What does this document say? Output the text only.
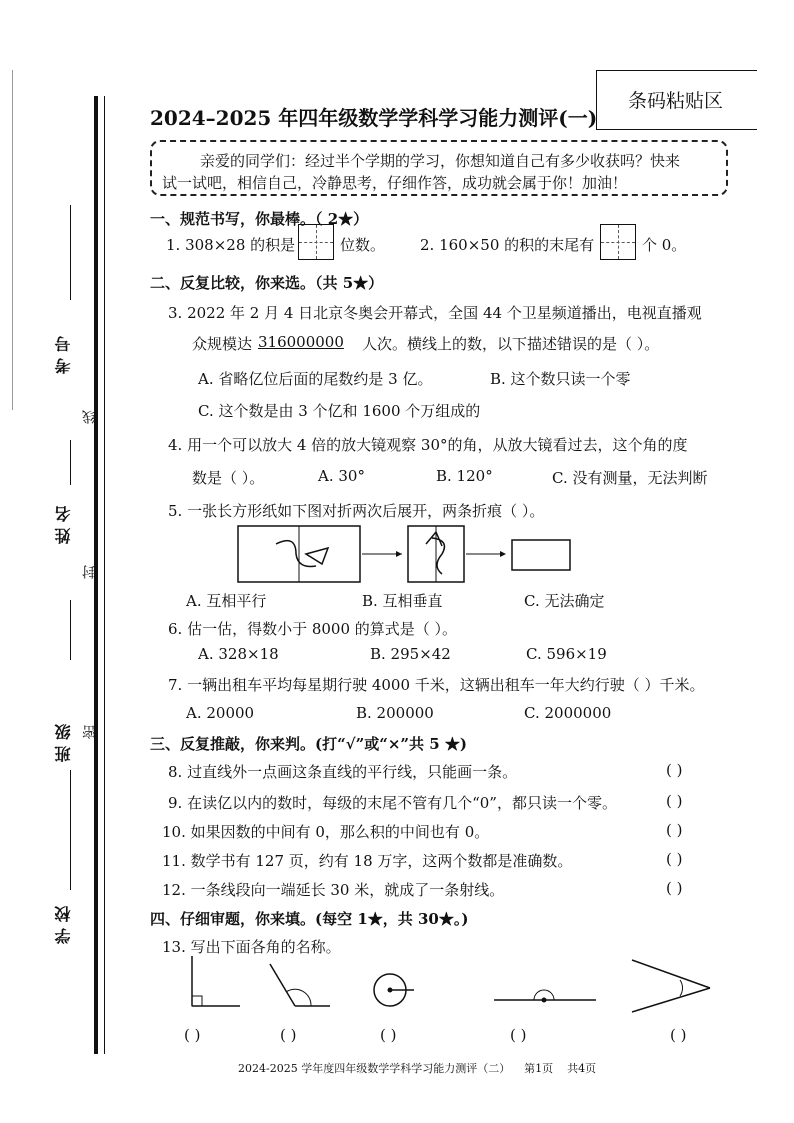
考号
线
姓名
封
班级 密
学校
2024–2025 年四年级数学学科学习能力测评(一)
条码粘贴区
亲爱的同学们：经过半个学期的学习，你想知道自己有多少收获吗？快来
试一试吧，相信自己，冷静思考，仔细作答，成功就会属于你！加油！
一、规范书写，你最棒。（ 2★）
1. 308×28 的积是	位数。 2. 160×50 的积的末尾有	个 0。
二、反复比较，你来选。（共 5★）
3. 2022 年 2 月 4 日北京冬奥会开幕式，全国 44 个卫星频道播出，电视直播观
众规模达 316000000 人次。横线上的数，以下描述错误的是（ ）。
A. 省略亿位后面的尾数约是 3 亿。	B. 这个数只读一个零
C. 这个数是由 3 个亿和 1600 个万组成的
4. 用一个可以放大 4 倍的放大镜观察 30°的角，从放大镜看过去，这个角的度
数是（ ）。	A. 30°	B. 120°	C. 没有测量，无法判断
5. 一张长方形纸如下图对折两次后展开，两条折痕（ ）。
A. 互相平行	B. 互相垂直	C. 无法确定
6. 估一估，得数小于 8000 的算式是（ ）。
A. 328×18	B. 295×42	C. 596×19
7. 一辆出租车平均每星期行驶 4000 千米，这辆出租车一年大约行驶（ ）千米。
A. 20000	B. 200000	C. 2000000
三、反复推敲，你来判。(打“√”或“×”共 5 ★)
8. 过直线外一点画这条直线的平行线，只能画一条。	( )
9. 在读亿以内的数时，每级的末尾不管有几个“0”，都只读一个零。	( )
10. 如果因数的中间有 0，那么积的中间也有 0。	( )
11. 数学书有 127 页，约有 18 万字，这两个数都是准确数。	( )
12. 一条线段向一端延长 30 米，就成了一条射线。	( )
四、仔细审题，你来填。(每空 1★，共 30★。)
13. 写出下面各角的名称。
( )	( )	( )	( )	( )
2024-2025 学年度四年级数学学科学习能力测评（二）    第1页    共4页
